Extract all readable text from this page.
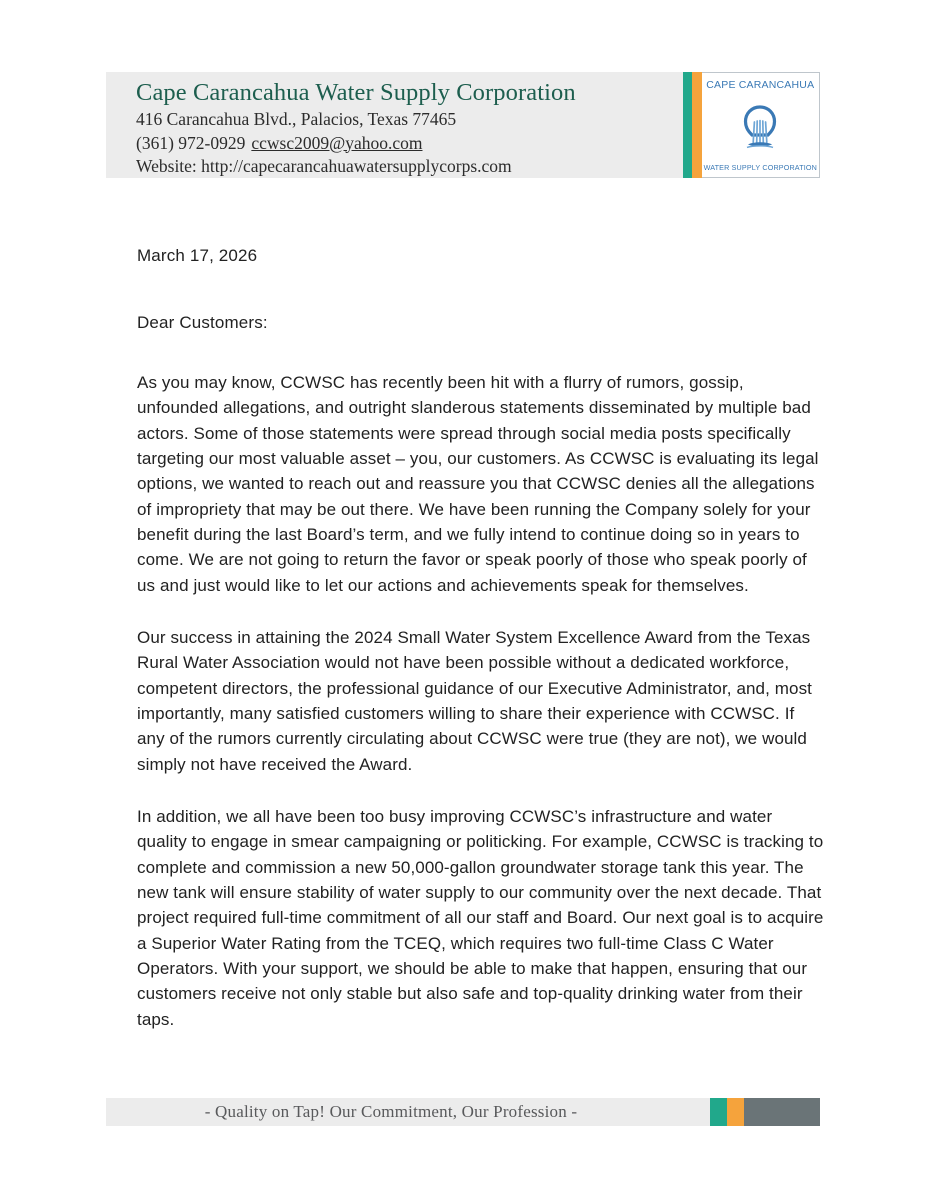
Cape Carancahua Water Supply Corporation
416 Carancahua Blvd., Palacios, Texas 77465
(361) 972-0929 ccwsc2009@yahoo.com
Website: http://capecarancahuawatersupplycorps.com
CAPE CARANCAHUA
WATER SUPPLY CORPORATION
March 17, 2026
Dear Customers:

As you may know, CCWSC has recently been hit with a flurry of rumors, gossip, unfounded allegations, and outright slanderous statements disseminated by multiple bad actors. Some of those statements were spread through social media posts specifically targeting our most valuable asset – you, our customers. As CCWSC is evaluating its legal options, we wanted to reach out and reassure you that CCWSC denies all the allegations of impropriety that may be out there. We have been running the Company solely for your benefit during the last Board’s term, and we fully intend to continue doing so in years to come. We are not going to return the favor or speak poorly of those who speak poorly of us and just would like to let our actions and achievements speak for themselves.

Our success in attaining the 2024 Small Water System Excellence Award from the Texas Rural Water Association would not have been possible without a dedicated workforce, competent directors, the professional guidance of our Executive Administrator, and, most importantly, many satisfied customers willing to share their experience with CCWSC. If any of the rumors currently circulating about CCWSC were true (they are not), we would simply not have received the Award.

In addition, we all have been too busy improving CCWSC’s infrastructure and water quality to engage in smear campaigning or politicking. For example, CCWSC is tracking to complete and commission a new 50,000-gallon groundwater storage tank this year. The new tank will ensure stability of water supply to our community over the next decade. That project required full-time commitment of all our staff and Board. Our next goal is to acquire a Superior Water Rating from the TCEQ, which requires two full-time Class C Water Operators. With your support, we should be able to make that happen, ensuring that our customers receive not only stable but also safe and top-quality drinking water from their taps.

- Quality on Tap! Our Commitment, Our Profession -
